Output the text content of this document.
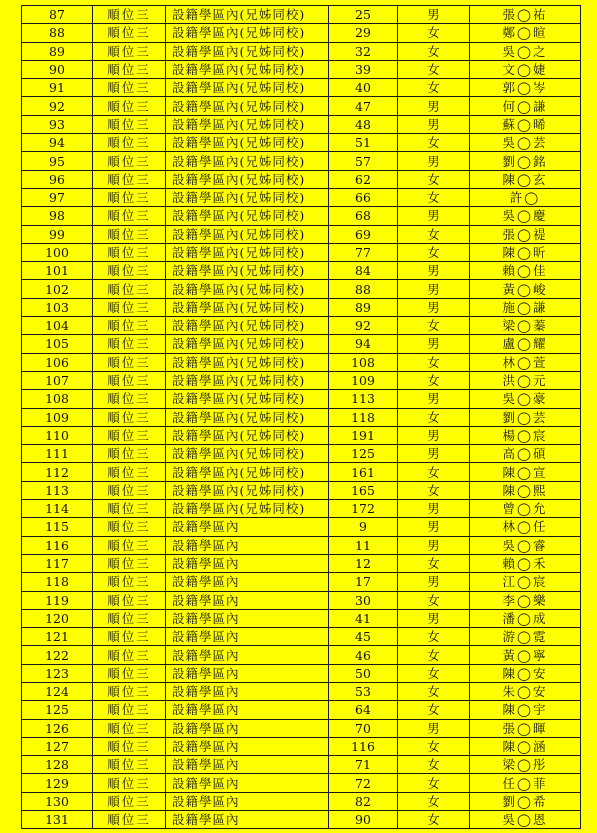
87	順位三	設籍學區內(兄姊同校)	25	男	張◯祐	
88	順位三	設籍學區內(兄姊同校)	29	女	鄭◯暄	
89	順位三	設籍學區內(兄姊同校)	32	女	吳◯之	
90	順位三	設籍學區內(兄姊同校)	39	女	文◯婕	
91	順位三	設籍學區內(兄姊同校)	40	女	郭◯岑	
92	順位三	設籍學區內(兄姊同校)	47	男	何◯謙	
93	順位三	設籍學區內(兄姊同校)	48	男	蘇◯晞	
94	順位三	設籍學區內(兄姊同校)	51	女	吳◯芸	
95	順位三	設籍學區內(兄姊同校)	57	男	劉◯銘	
96	順位三	設籍學區內(兄姊同校)	62	女	陳◯玄	
97	順位三	設籍學區內(兄姊同校)	66	女	許◯	
98	順位三	設籍學區內(兄姊同校)	68	男	吳◯慶	
99	順位三	設籍學區內(兄姊同校)	69	女	張◯禔	
100	順位三	設籍學區內(兄姊同校)	77	女	陳◯昕	
101	順位三	設籍學區內(兄姊同校)	84	男	賴◯佳	
102	順位三	設籍學區內(兄姊同校)	88	男	黃◯峻	
103	順位三	設籍學區內(兄姊同校)	89	男	施◯謙	
104	順位三	設籍學區內(兄姊同校)	92	女	梁◯蓁	
105	順位三	設籍學區內(兄姊同校)	94	男	盧◯耀	
106	順位三	設籍學區內(兄姊同校)	108	女	林◯萱	
107	順位三	設籍學區內(兄姊同校)	109	女	洪◯元	
108	順位三	設籍學區內(兄姊同校)	113	男	吳◯豪	
109	順位三	設籍學區內(兄姊同校)	118	女	劉◯芸	
110	順位三	設籍學區內(兄姊同校)	191	男	楊◯宸	
111	順位三	設籍學區內(兄姊同校)	125	男	高◯碩	
112	順位三	設籍學區內(兄姊同校)	161	女	陳◯宣	
113	順位三	設籍學區內(兄姊同校)	165	女	陳◯熙	
114	順位三	設籍學區內(兄姊同校)	172	男	曾◯允	
115	順位三	設籍學區內	9	男	林◯任	
116	順位三	設籍學區內	11	男	吳◯睿	
117	順位三	設籍學區內	12	女	賴◯禾	
118	順位三	設籍學區內	17	男	江◯宸	
119	順位三	設籍學區內	30	女	李◯樂	
120	順位三	設籍學區內	41	男	潘◯成	
121	順位三	設籍學區內	45	女	游◯霓	
122	順位三	設籍學區內	46	女	黃◯寧	
123	順位三	設籍學區內	50	女	陳◯安	
124	順位三	設籍學區內	53	女	朱◯安	
125	順位三	設籍學區內	64	女	陳◯宇	
126	順位三	設籍學區內	70	男	張◯暉	
127	順位三	設籍學區內	116	女	陳◯涵	
128	順位三	設籍學區內	71	女	梁◯彤	
129	順位三	設籍學區內	72	女	任◯菲	
130	順位三	設籍學區內	82	女	劉◯希	
131	順位三	設籍學區內	90	女	吳◯恩	
